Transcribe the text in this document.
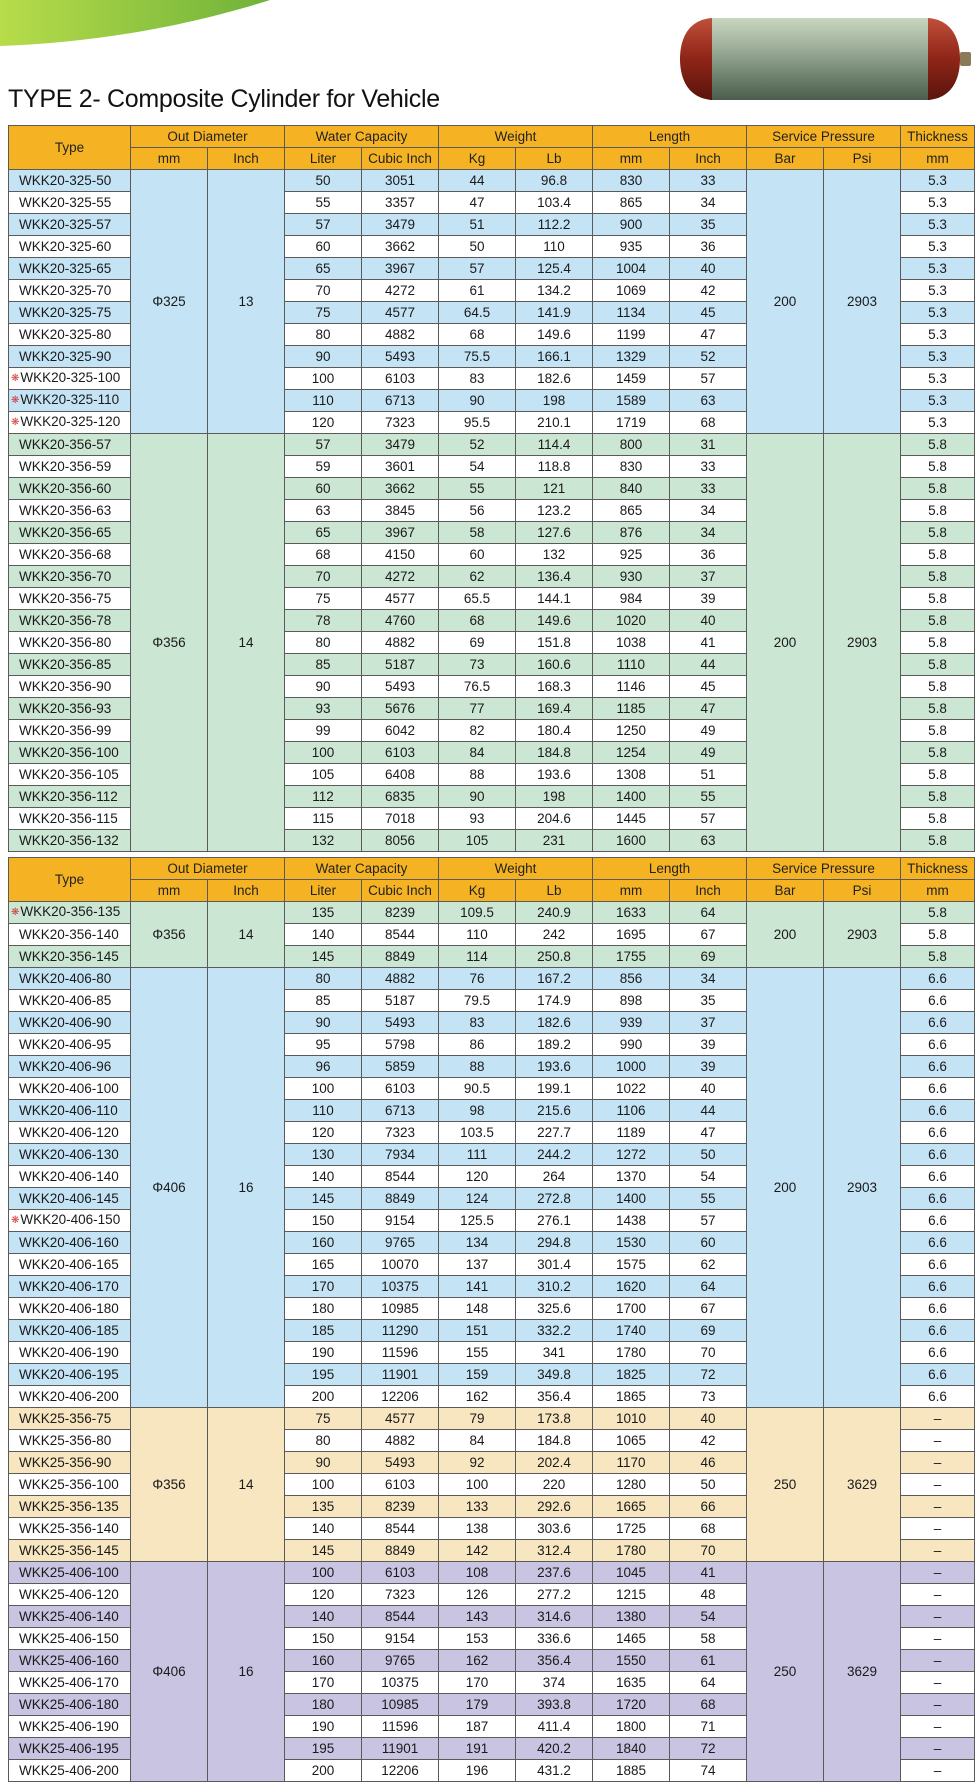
TYPE 2- Composite Cylinder for Vehicle
Type	Out Diameter		Water Capacity		Weight		Length		Service Pressure		Thickness
	mm	Inch	Liter	Cubic Inch	Kg	Lb	mm	Inch	Bar	Psi	mm
WKK20-325-50	Φ325	13	50	3051	44	96.8	830	33	200	2903	5.3
WKK20-325-55			55	3357	47	103.4	865	34			5.3
WKK20-325-57			57	3479	51	112.2	900	35			5.3
WKK20-325-60			60	3662	50	110	935	36			5.3
WKK20-325-65			65	3967	57	125.4	1004	40			5.3
WKK20-325-70			70	4272	61	134.2	1069	42			5.3
WKK20-325-75			75	4577	64.5	141.9	1134	45			5.3
WKK20-325-80			80	4882	68	149.6	1199	47			5.3
WKK20-325-90			90	5493	75.5	166.1	1329	52			5.3
❋WKK20-325-100			100	6103	83	182.6	1459	57			5.3
❋WKK20-325-110			110	6713	90	198	1589	63			5.3
❋WKK20-325-120			120	7323	95.5	210.1	1719	68			5.3
WKK20-356-57	Φ356	14	57	3479	52	114.4	800	31	200	2903	5.8
WKK20-356-59			59	3601	54	118.8	830	33			5.8
WKK20-356-60			60	3662	55	121	840	33			5.8
WKK20-356-63			63	3845	56	123.2	865	34			5.8
WKK20-356-65			65	3967	58	127.6	876	34			5.8
WKK20-356-68			68	4150	60	132	925	36			5.8
WKK20-356-70			70	4272	62	136.4	930	37			5.8
WKK20-356-75			75	4577	65.5	144.1	984	39			5.8
WKK20-356-78			78	4760	68	149.6	1020	40			5.8
WKK20-356-80			80	4882	69	151.8	1038	41			5.8
WKK20-356-85			85	5187	73	160.6	1110	44			5.8
WKK20-356-90			90	5493	76.5	168.3	1146	45			5.8
WKK20-356-93			93	5676	77	169.4	1185	47			5.8
WKK20-356-99			99	6042	82	180.4	1250	49			5.8
WKK20-356-100			100	6103	84	184.8	1254	49			5.8
WKK20-356-105			105	6408	88	193.6	1308	51			5.8
WKK20-356-112			112	6835	90	198	1400	55			5.8
WKK20-356-115			115	7018	93	204.6	1445	57			5.8
WKK20-356-132			132	8056	105	231	1600	63			5.8
Type	Out Diameter		Water Capacity		Weight		Length		Service Pressure		Thickness
	mm	Inch	Liter	Cubic Inch	Kg	Lb	mm	Inch	Bar	Psi	mm
❋WKK20-356-135	Φ356	14	135	8239	109.5	240.9	1633	64	200	2903	5.8
WKK20-356-140			140	8544	110	242	1695	67			5.8
WKK20-356-145			145	8849	114	250.8	1755	69			5.8
WKK20-406-80	Φ406	16	80	4882	76	167.2	856	34	200	2903	6.6
WKK20-406-85			85	5187	79.5	174.9	898	35			6.6
WKK20-406-90			90	5493	83	182.6	939	37			6.6
WKK20-406-95			95	5798	86	189.2	990	39			6.6
WKK20-406-96			96	5859	88	193.6	1000	39			6.6
WKK20-406-100			100	6103	90.5	199.1	1022	40			6.6
WKK20-406-110			110	6713	98	215.6	1106	44			6.6
WKK20-406-120			120	7323	103.5	227.7	1189	47			6.6
WKK20-406-130			130	7934	111	244.2	1272	50			6.6
WKK20-406-140			140	8544	120	264	1370	54			6.6
WKK20-406-145			145	8849	124	272.8	1400	55			6.6
❋WKK20-406-150			150	9154	125.5	276.1	1438	57			6.6
WKK20-406-160			160	9765	134	294.8	1530	60			6.6
WKK20-406-165			165	10070	137	301.4	1575	62			6.6
WKK20-406-170			170	10375	141	310.2	1620	64			6.6
WKK20-406-180			180	10985	148	325.6	1700	67			6.6
WKK20-406-185			185	11290	151	332.2	1740	69			6.6
WKK20-406-190			190	11596	155	341	1780	70			6.6
WKK20-406-195			195	11901	159	349.8	1825	72			6.6
WKK20-406-200			200	12206	162	356.4	1865	73			6.6
WKK25-356-75	Φ356	14	75	4577	79	173.8	1010	40	250	3629	–
WKK25-356-80			80	4882	84	184.8	1065	42			–
WKK25-356-90			90	5493	92	202.4	1170	46			–
WKK25-356-100			100	6103	100	220	1280	50			–
WKK25-356-135			135	8239	133	292.6	1665	66			–
WKK25-356-140			140	8544	138	303.6	1725	68			–
WKK25-356-145			145	8849	142	312.4	1780	70			–
WKK25-406-100	Φ406	16	100	6103	108	237.6	1045	41	250	3629	–
WKK25-406-120			120	7323	126	277.2	1215	48			–
WKK25-406-140			140	8544	143	314.6	1380	54			–
WKK25-406-150			150	9154	153	336.6	1465	58			–
WKK25-406-160			160	9765	162	356.4	1550	61			–
WKK25-406-170			170	10375	170	374	1635	64			–
WKK25-406-180			180	10985	179	393.8	1720	68			–
WKK25-406-190			190	11596	187	411.4	1800	71			–
WKK25-406-195			195	11901	191	420.2	1840	72			–
WKK25-406-200			200	12206	196	431.2	1885	74			–
